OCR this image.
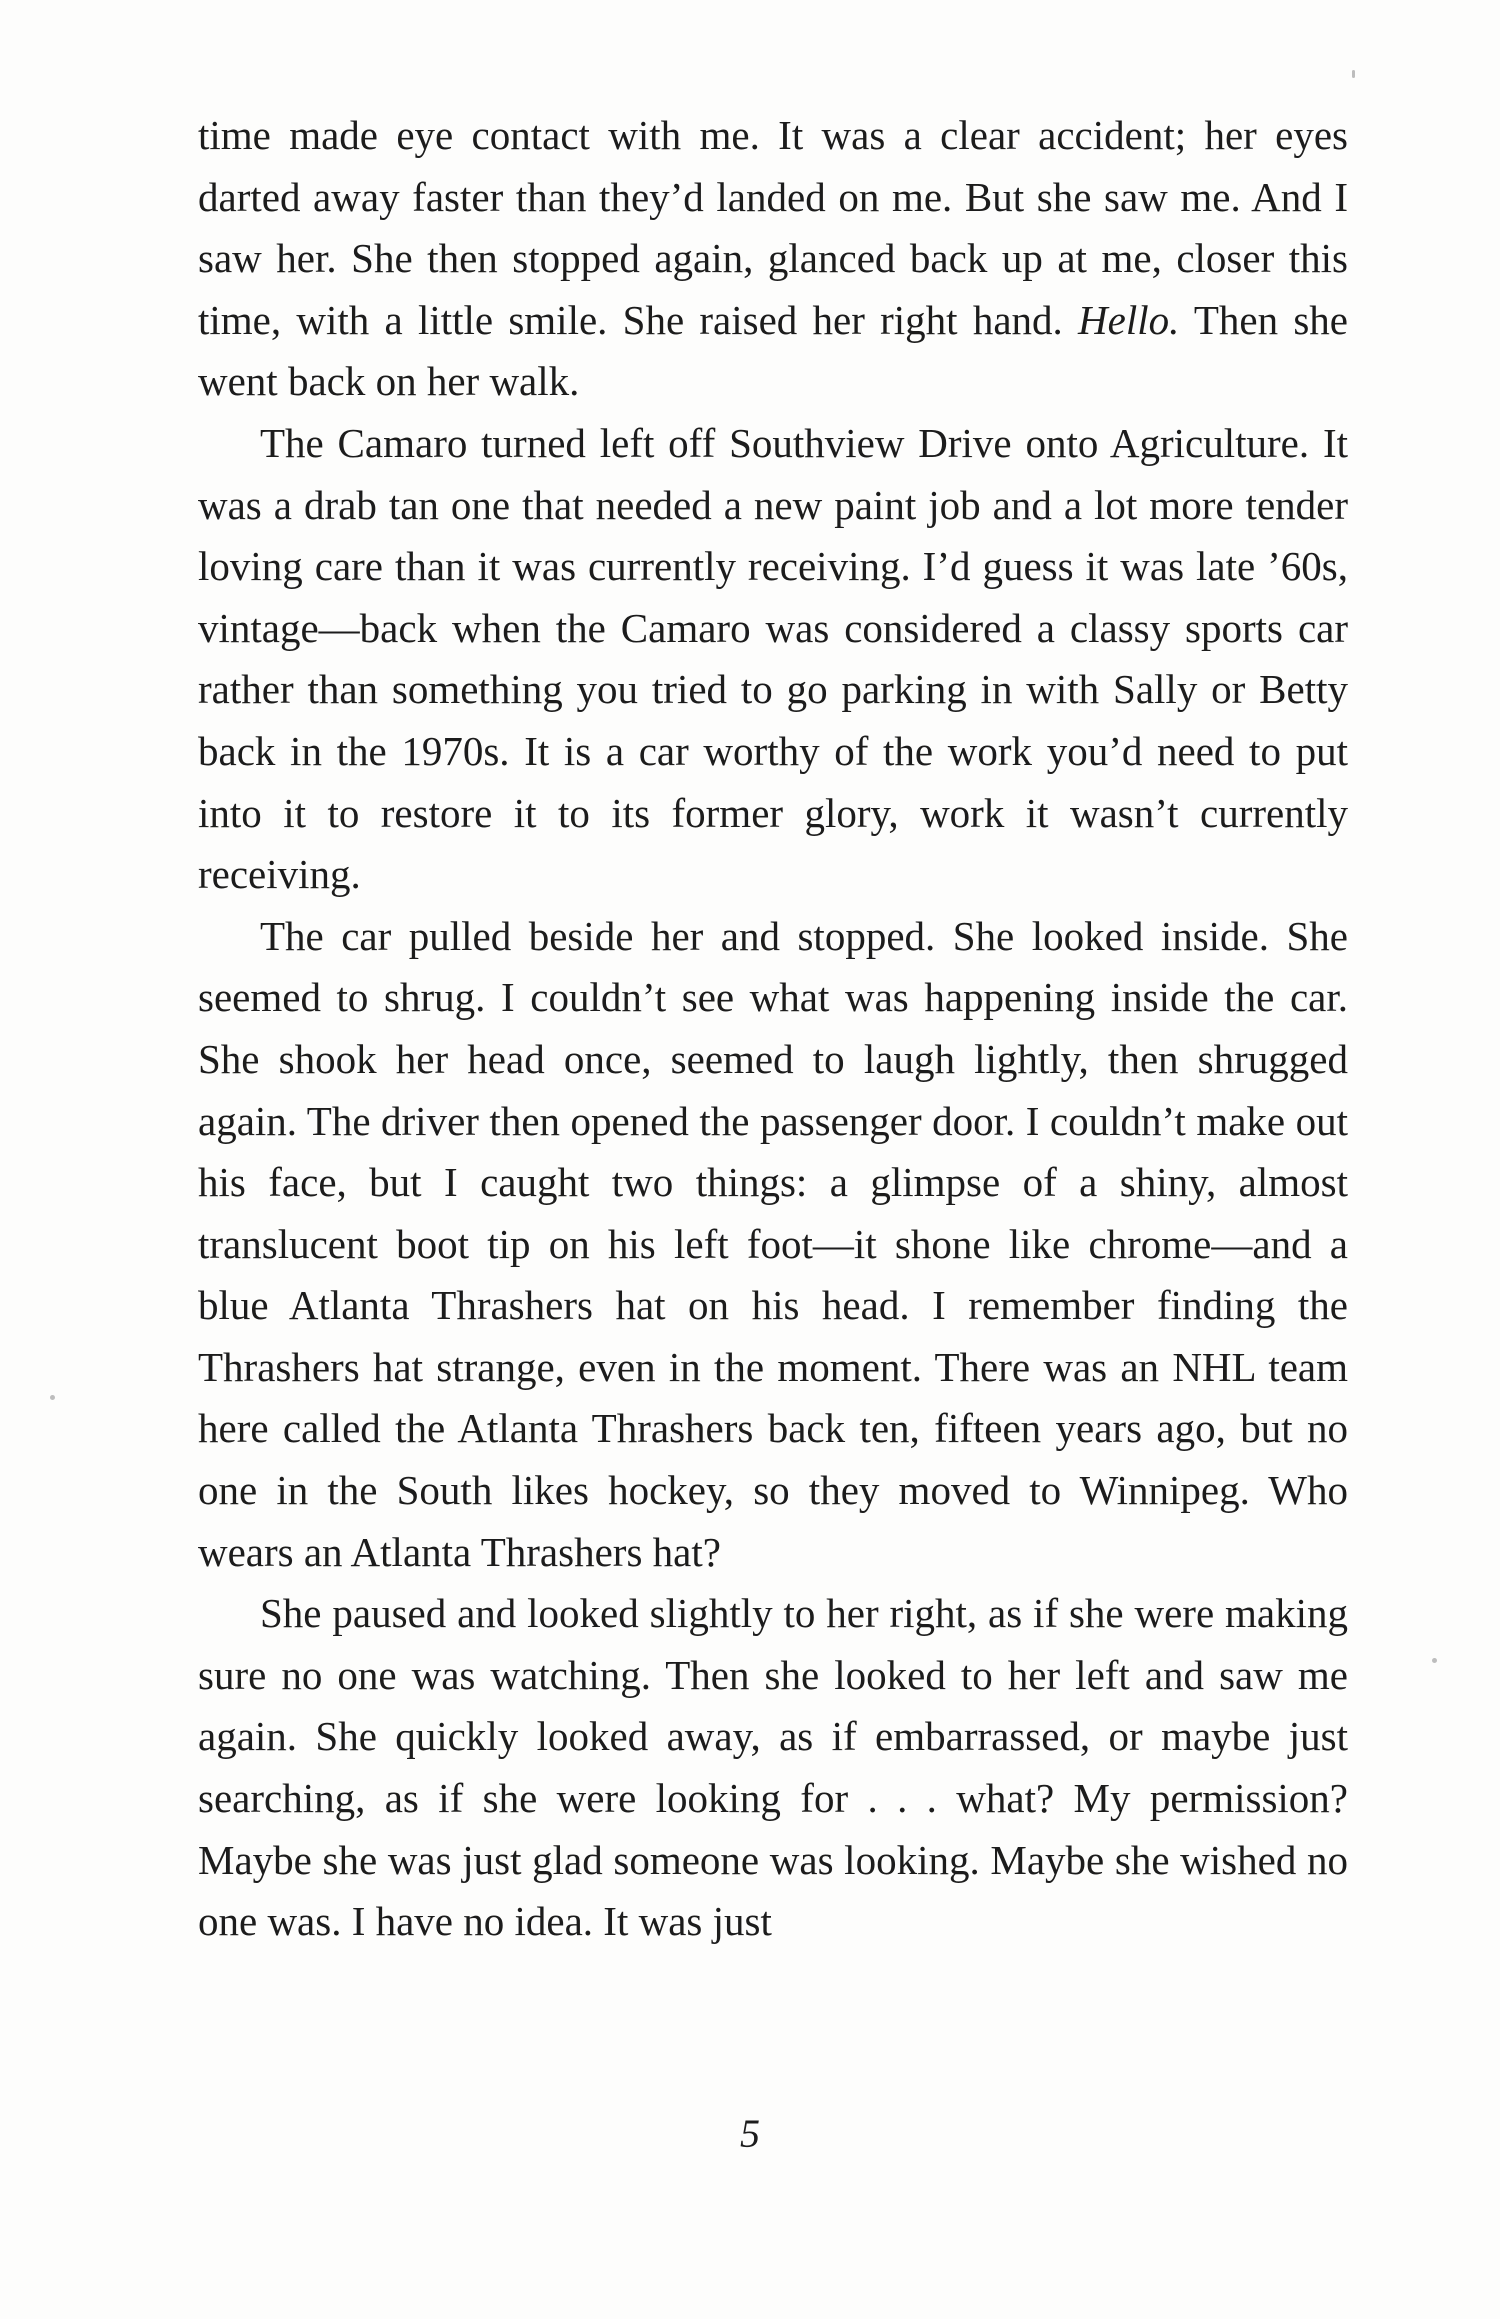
time made eye contact with me. It was a clear accident; her eyes darted away faster than they’d landed on me. But she saw me. And I saw her. She then stopped again, glanced back up at me, closer this time, with a little smile. She raised her right hand. Hello. Then she went back on her walk.

The Camaro turned left off Southview Drive onto Agriculture. It was a drab tan one that needed a new paint job and a lot more tender loving care than it was currently receiving. I’d guess it was late ’60s, vintage—back when the Camaro was considered a classy sports car rather than something you tried to go parking in with Sally or Betty back in the 1970s. It is a car worthy of the work you’d need to put into it to restore it to its former glory, work it wasn’t currently receiving.

The car pulled beside her and stopped. She looked inside. She seemed to shrug. I couldn’t see what was happening inside the car. She shook her head once, seemed to laugh lightly, then shrugged again. The driver then opened the passenger door. I couldn’t make out his face, but I caught two things: a glimpse of a shiny, almost translucent boot tip on his left foot—it shone like chrome—and a blue Atlanta Thrashers hat on his head. I remember finding the Thrashers hat strange, even in the moment. There was an NHL team here called the Atlanta Thrashers back ten, fifteen years ago, but no one in the South likes hockey, so they moved to Winnipeg. Who wears an Atlanta Thrashers hat?

She paused and looked slightly to her right, as if she were making sure no one was watching. Then she looked to her left and saw me again. She quickly looked away, as if embarrassed, or maybe just searching, as if she were looking for . . . what? My permission? Maybe she was just glad someone was looking. Maybe she wished no one was. I have no idea. It was just

5
